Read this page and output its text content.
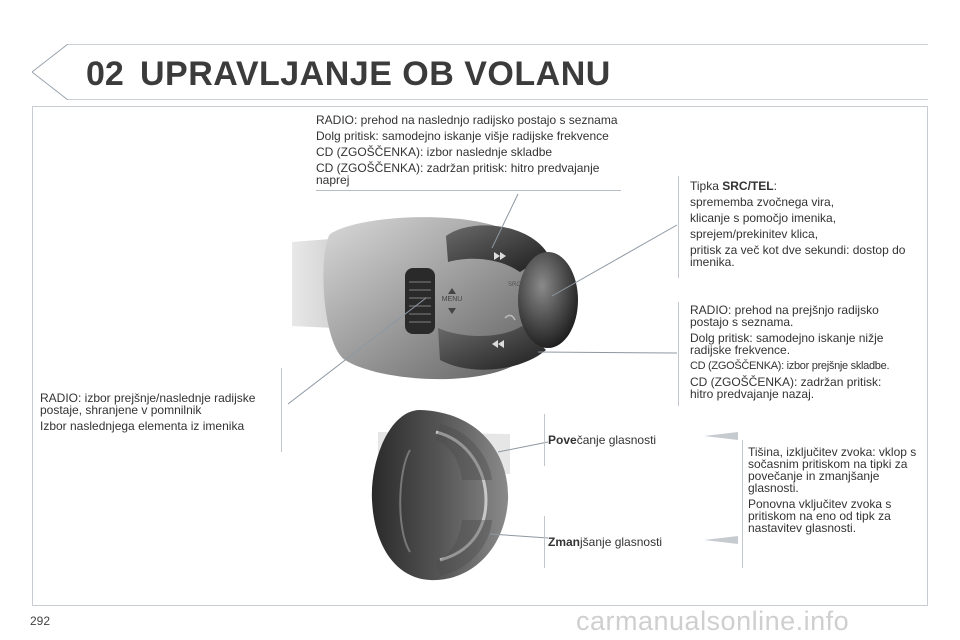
02 UPRAVLJANJE OB VOLANU
MENU
SRC

RADIO: prehod na naslednjo radijsko postajo s seznama

Dolg pritisk: samodejno iskanje višje radijske frekvence

CD (ZGOŠČENKA): izbor naslednje skladbe

CD (ZGOŠČENKA): zadržan pritisk: hitro predvajanje naprej	Tipka SRC/TEL:

sprememba zvočnega vira,

klicanje s pomočjo imenika,

sprejem/prekinitev klica,

pritisk za več kot dve sekundi: dostop do imenika.

RADIO: prehod na prejšnjo radijsko postajo s seznama.

Dolg pritisk: samodejno iskanje nižje radijske frekvence.

CD (ZGOŠČENKA): izbor prejšnje skladbe.

CD (ZGOŠČENKA): zadržan pritisk: hitro predvajanje nazaj.

RADIO: izbor prejšnje/naslednje radijske postaje, shranjene v pomnilnik

Izbor naslednjega elementa iz imenika

Povečanje glasnosti

Zmanjšanje glasnosti

Tišina, izključitev zvoka: vklop s sočasnim pritiskom na tipki za povečanje in zmanjšanje glasnosti.

Ponovna vključitev zvoka s pritiskom na eno od tipk za nastavitev glasnosti.

292	carmanualsonline.info
